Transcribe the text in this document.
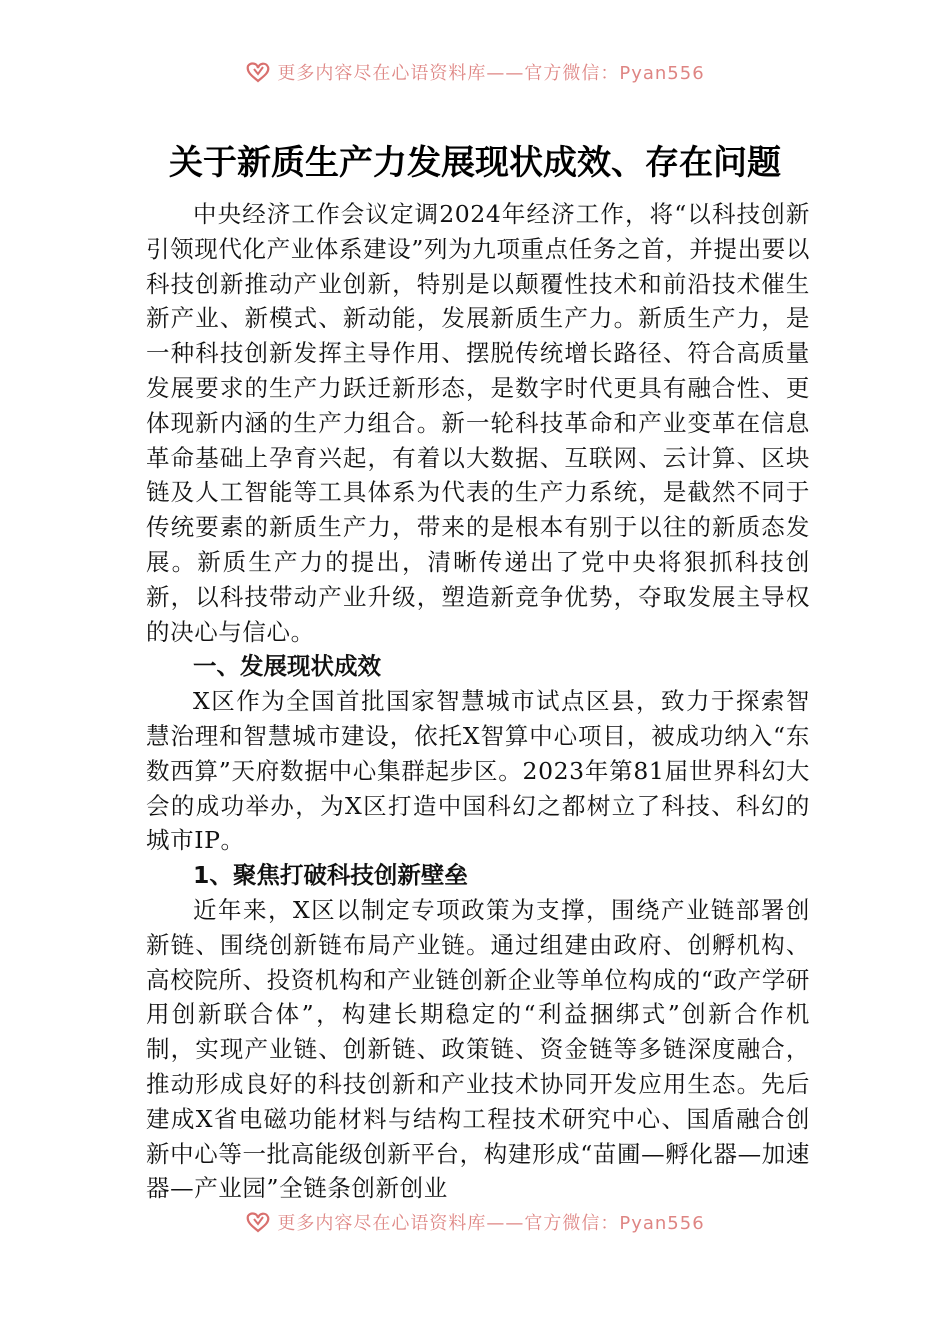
更多内容尽在心语资料库——官方微信：Pyan556
关于新质生产力发展现状成效、存在问题

中央经济工作会议定调2024年经济工作，将“以科技创新引领现代化产业体系建设”列为九项重点任务之首，并提出要以科技创新推动产业创新，特别是以颠覆性技术和前沿技术催生新产业、新模式、新动能，发展新质生产力。新质生产力，是一种科技创新发挥主导作用、摆脱传统增长路径、符合高质量发展要求的生产力跃迁新形态，是数字时代更具有融合性、更体现新内涵的生产力组合。新一轮科技革命和产业变革在信息革命基础上孕育兴起，有着以大数据、互联网、云计算、区块链及人工智能等工具体系为代表的生产力系统，是截然不同于传统要素的新质生产力，带来的是根本有别于以往的新质态发展。新质生产力的提出，清晰传递出了党中央将狠抓科技创新，以科技带动产业升级，塑造新竞争优势，夺取发展主导权的决心与信心。

一、发展现状成效

X区作为全国首批国家智慧城市试点区县，致力于探索智慧治理和智慧城市建设，依托X智算中心项目，被成功纳入“东数西算”天府数据中心集群起步区。2023年第81届世界科幻大会的成功举办，为X区打造中国科幻之都树立了科技、科幻的城市IP。

1、聚焦打破科技创新壁垒

近年来，X区以制定专项政策为支撑，围绕产业链部署创新链、围绕创新链布局产业链。通过组建由政府、创孵机构、高校院所、投资机构和产业链创新企业等单位构成的“政产学研用创新联合体”，构建长期稳定的“利益捆绑式”创新合作机制，实现产业链、创新链、政策链、资金链等多链深度融合，推动形成良好的科技创新和产业技术协同开发应用生态。先后建成X省电磁功能材料与结构工程技术研究中心、国盾融合创新中心等一批高能级创新平台，构建形成“苗圃—孵化器—加速器—产业园”全链条创新创业

更多内容尽在心语资料库——官方微信：Pyan556
